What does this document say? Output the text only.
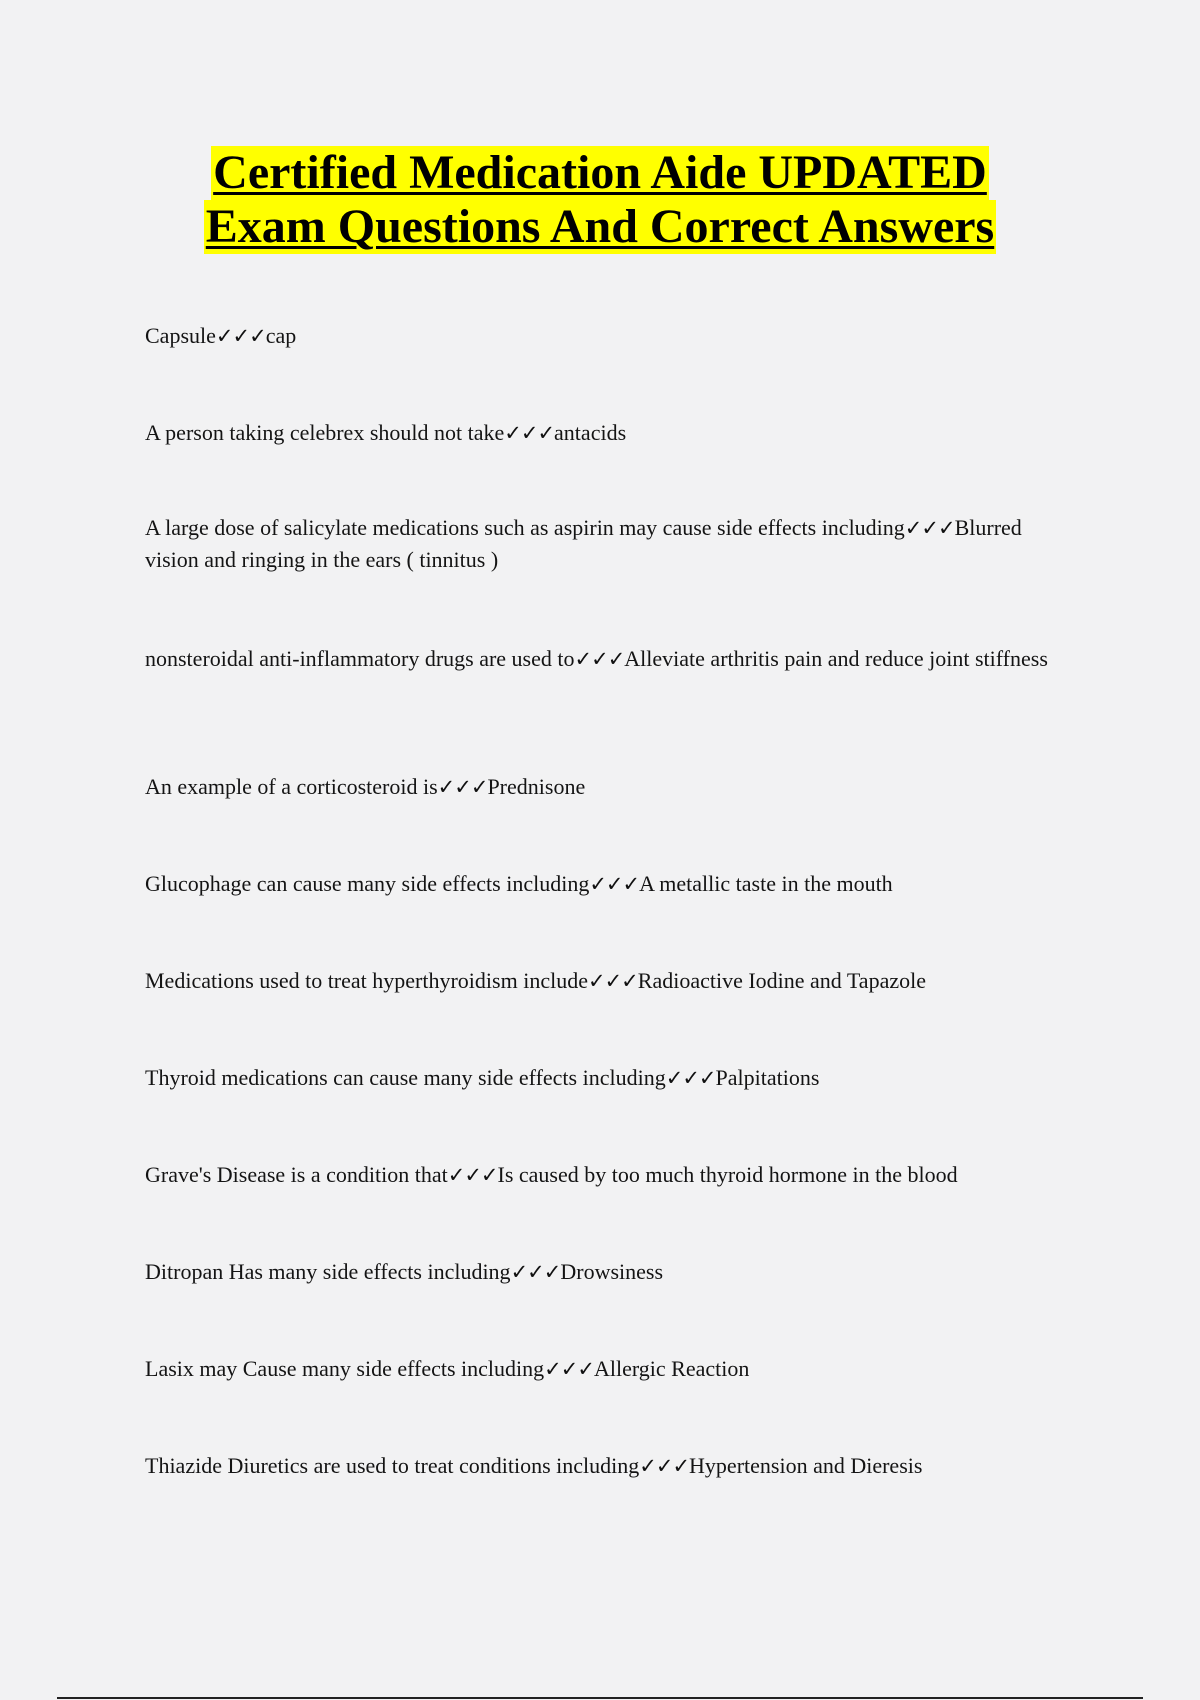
Certified Medication Aide UPDATED
Exam Questions And Correct Answers
Capsule✓✓✓cap
A person taking celebrex should not take✓✓✓antacids
A large dose of salicylate medications such as aspirin may cause side effects including✓✓✓Blurred vision and ringing in the ears ( tinnitus )
nonsteroidal anti-inflammatory drugs are used to✓✓✓Alleviate arthritis pain and reduce joint stiffness
An example of a corticosteroid is✓✓✓Prednisone
Glucophage can cause many side effects including✓✓✓A metallic taste in the mouth
Medications used to treat hyperthyroidism include✓✓✓Radioactive Iodine and Tapazole
Thyroid medications can cause many side effects including✓✓✓Palpitations
Grave's Disease is a condition that✓✓✓Is caused by too much thyroid hormone in the blood
Ditropan Has many side effects including✓✓✓Drowsiness
Lasix may Cause many side effects including✓✓✓Allergic Reaction
Thiazide Diuretics are used to treat conditions including✓✓✓Hypertension and Dieresis
